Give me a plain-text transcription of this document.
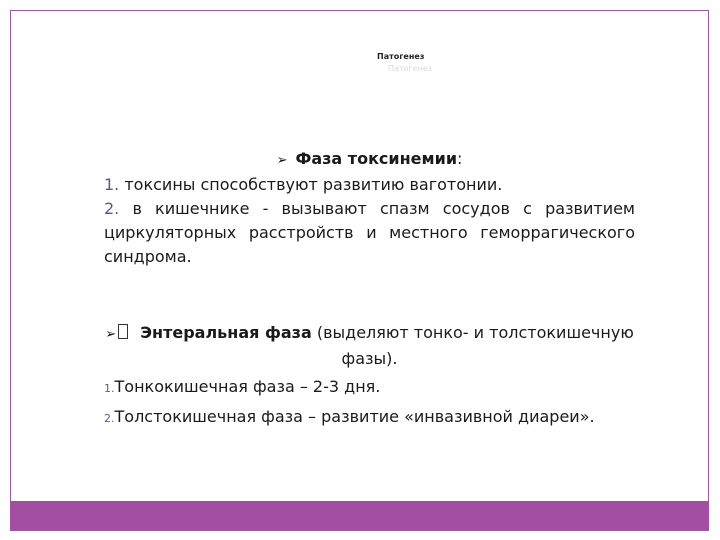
Патогенез
Патогенез

➢ Фаза токсинемии:

1. токсины способствуют развитию ваготонии.

2. в кишечнике - вызывают спазм сосудов с развитием циркуляторных расстройств и местного геморрагического синдрома.

➢ Энтеральная фаза (выделяют тонко- и толстокишечную фазы).

1.Тонкокишечная фаза – 2-3 дня.

2.Толстокишечная фаза – развитие «инвазивной диареи».
